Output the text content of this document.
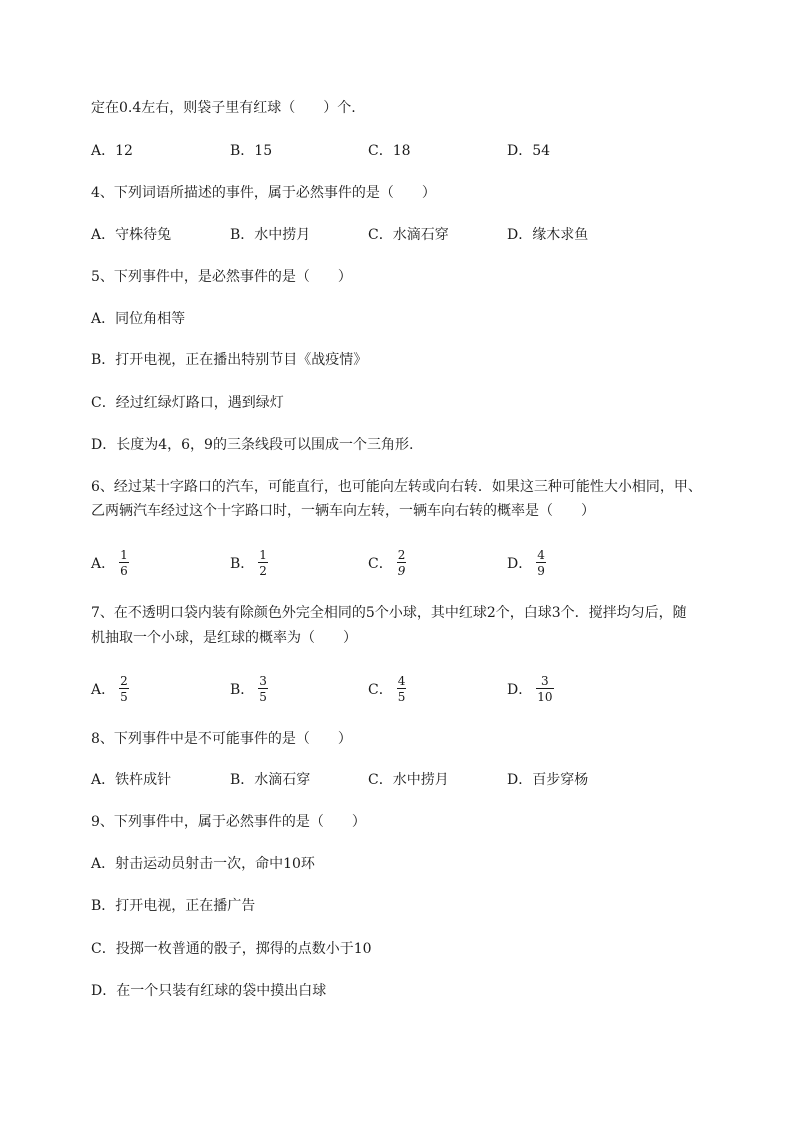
定在0.4左右，则袋子里有红球（　　）个.
A．12	B．15	C．18	D．54
4、下列词语所描述的事件，属于必然事件的是（　　）
A．守株待兔	B．水中捞月	C．水滴石穿	D．缘木求鱼
5、下列事件中，是必然事件的是（　　）
A．同位角相等
B．打开电视，正在播出特别节目《战疫情》
C．经过红绿灯路口，遇到绿灯
D．长度为4，6，9的三条线段可以围成一个三角形.
6、经过某十字路口的汽车，可能直行，也可能向左转或向右转．如果这三种可能性大小相同，甲、
乙两辆汽车经过这个十字路口时，一辆车向左转，一辆车向右转的概率是（　　）
A． $\frac{1}{6}$	B． $\frac{1}{2}$	C． $\frac{2}{9}$	D． $\frac{4}{9}$
7、在不透明口袋内装有除颜色外完全相同的5个小球，其中红球2个，白球3个．搅拌均匀后，随
机抽取一个小球，是红球的概率为（　　）
A． $\frac{2}{5}$	B． $\frac{3}{5}$	C． $\frac{4}{5}$	D． $\frac{3}{10}$
8、下列事件中是不可能事件的是（　　）
A．铁杵成针	B．水滴石穿	C．水中捞月	D．百步穿杨
9、下列事件中，属于必然事件的是（　　）
A．射击运动员射击一次，命中10环
B．打开电视，正在播广告
C．投掷一枚普通的骰子，掷得的点数小于10
D．在一个只装有红球的袋中摸出白球
